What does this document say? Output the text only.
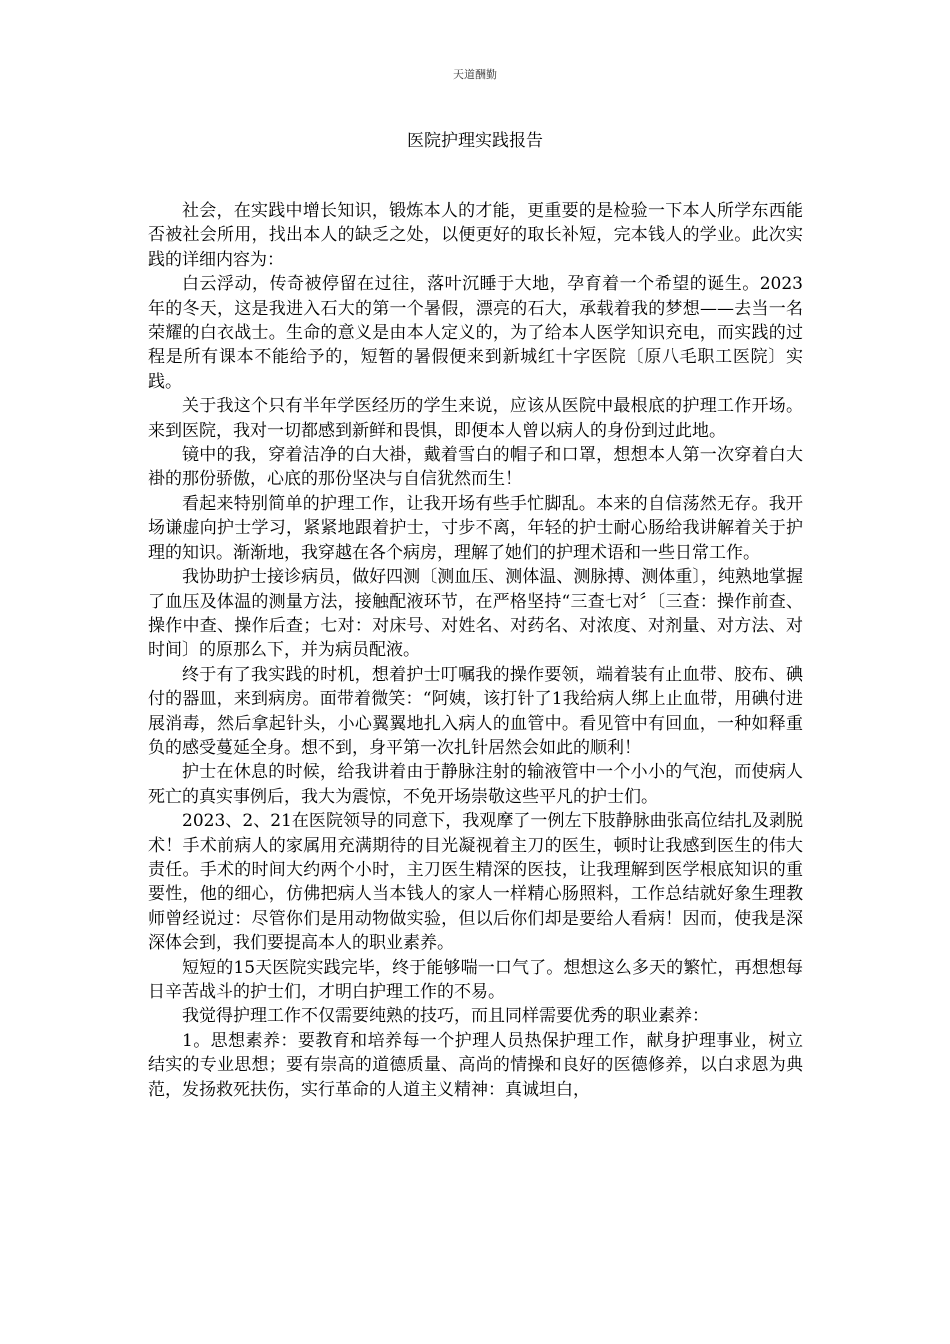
天道酬勤
医院护理实践报告

社会，在实践中增长知识，锻炼本人的才能，更重要的是检验一下本人所学东西能否被社会所用，找出本人的缺乏之处，以便更好的取长补短，完本钱人的学业。此次实践的详细内容为：

白云浮动，传奇被停留在过往，落叶沉睡于大地，孕育着一个希望的诞生。2023年的冬天，这是我进入石大的第一个暑假，漂亮的石大，承载着我的梦想——去当一名荣耀的白衣战士。生命的意义是由本人定义的，为了给本人医学知识充电，而实践的过程是所有课本不能给予的，短暂的暑假便来到新城红十字医院〔原八毛职工医院〕实践。

关于我这个只有半年学医经历的学生来说，应该从医院中最根底的护理工作开场。来到医院，我对一切都感到新鲜和畏惧，即便本人曾以病人的身份到过此地。

镜中的我，穿着洁净的白大褂，戴着雪白的帽子和口罩，想想本人第一次穿着白大褂的那份骄傲，心底的那份坚决与自信犹然而生！

看起来特别简单的护理工作，让我开场有些手忙脚乱。本来的自信荡然无存。我开场谦虚向护士学习，紧紧地跟着护士，寸步不离，年轻的护士耐心肠给我讲解着关于护理的知识。渐渐地，我穿越在各个病房，理解了她们的护理术语和一些日常工作。

我协助护士接诊病员，做好四测〔测血压、测体温、测脉搏、测体重〕，纯熟地掌握了血压及体温的测量方法，接触配液环节，在严格坚持“三查七对〞〔三查：操作前查、操作中查、操作后查；七对：对床号、对姓名、对药名、对浓度、对剂量、对方法、对时间〕的原那么下，并为病员配液。

终于有了我实践的时机，想着护士叮嘱我的操作要领，端着装有止血带、胶布、碘付的器皿，来到病房。面带着微笑：“阿姨，该打针了1我给病人绑上止血带，用碘付进展消毒，然后拿起针头，小心翼翼地扎入病人的血管中。看见管中有回血，一种如释重负的感受蔓延全身。想不到，身平第一次扎针居然会如此的顺利！

护士在休息的时候，给我讲着由于静脉注射的输液管中一个小小的气泡，而使病人死亡的真实事例后，我大为震惊，不免开场崇敬这些平凡的护士们。

2023、2、21在医院领导的同意下，我观摩了一例左下肢静脉曲张高位结扎及剥脱术！手术前病人的家属用充满期待的目光凝视着主刀的医生，顿时让我感到医生的伟大责任。手术的时间大约两个小时，主刀医生精深的医技，让我理解到医学根底知识的重要性，他的细心，仿佛把病人当本钱人的家人一样精心肠照料，工作总结就好象生理教师曾经说过：尽管你们是用动物做实验，但以后你们却是要给人看病！因而，使我是深深体会到，我们要提高本人的职业素养。

短短的15天医院实践完毕，终于能够喘一口气了。想想这么多天的繁忙，再想想每日辛苦战斗的护士们，才明白护理工作的不易。

我觉得护理工作不仅需要纯熟的技巧，而且同样需要优秀的职业素养：

1。思想素养：要教育和培养每一个护理人员热保护理工作，献身护理事业，树立结实的专业思想；要有崇高的道德质量、高尚的情操和良好的医德修养，以白求恩为典范，发扬救死扶伤，实行革命的人道主义精神：真诚坦白，
